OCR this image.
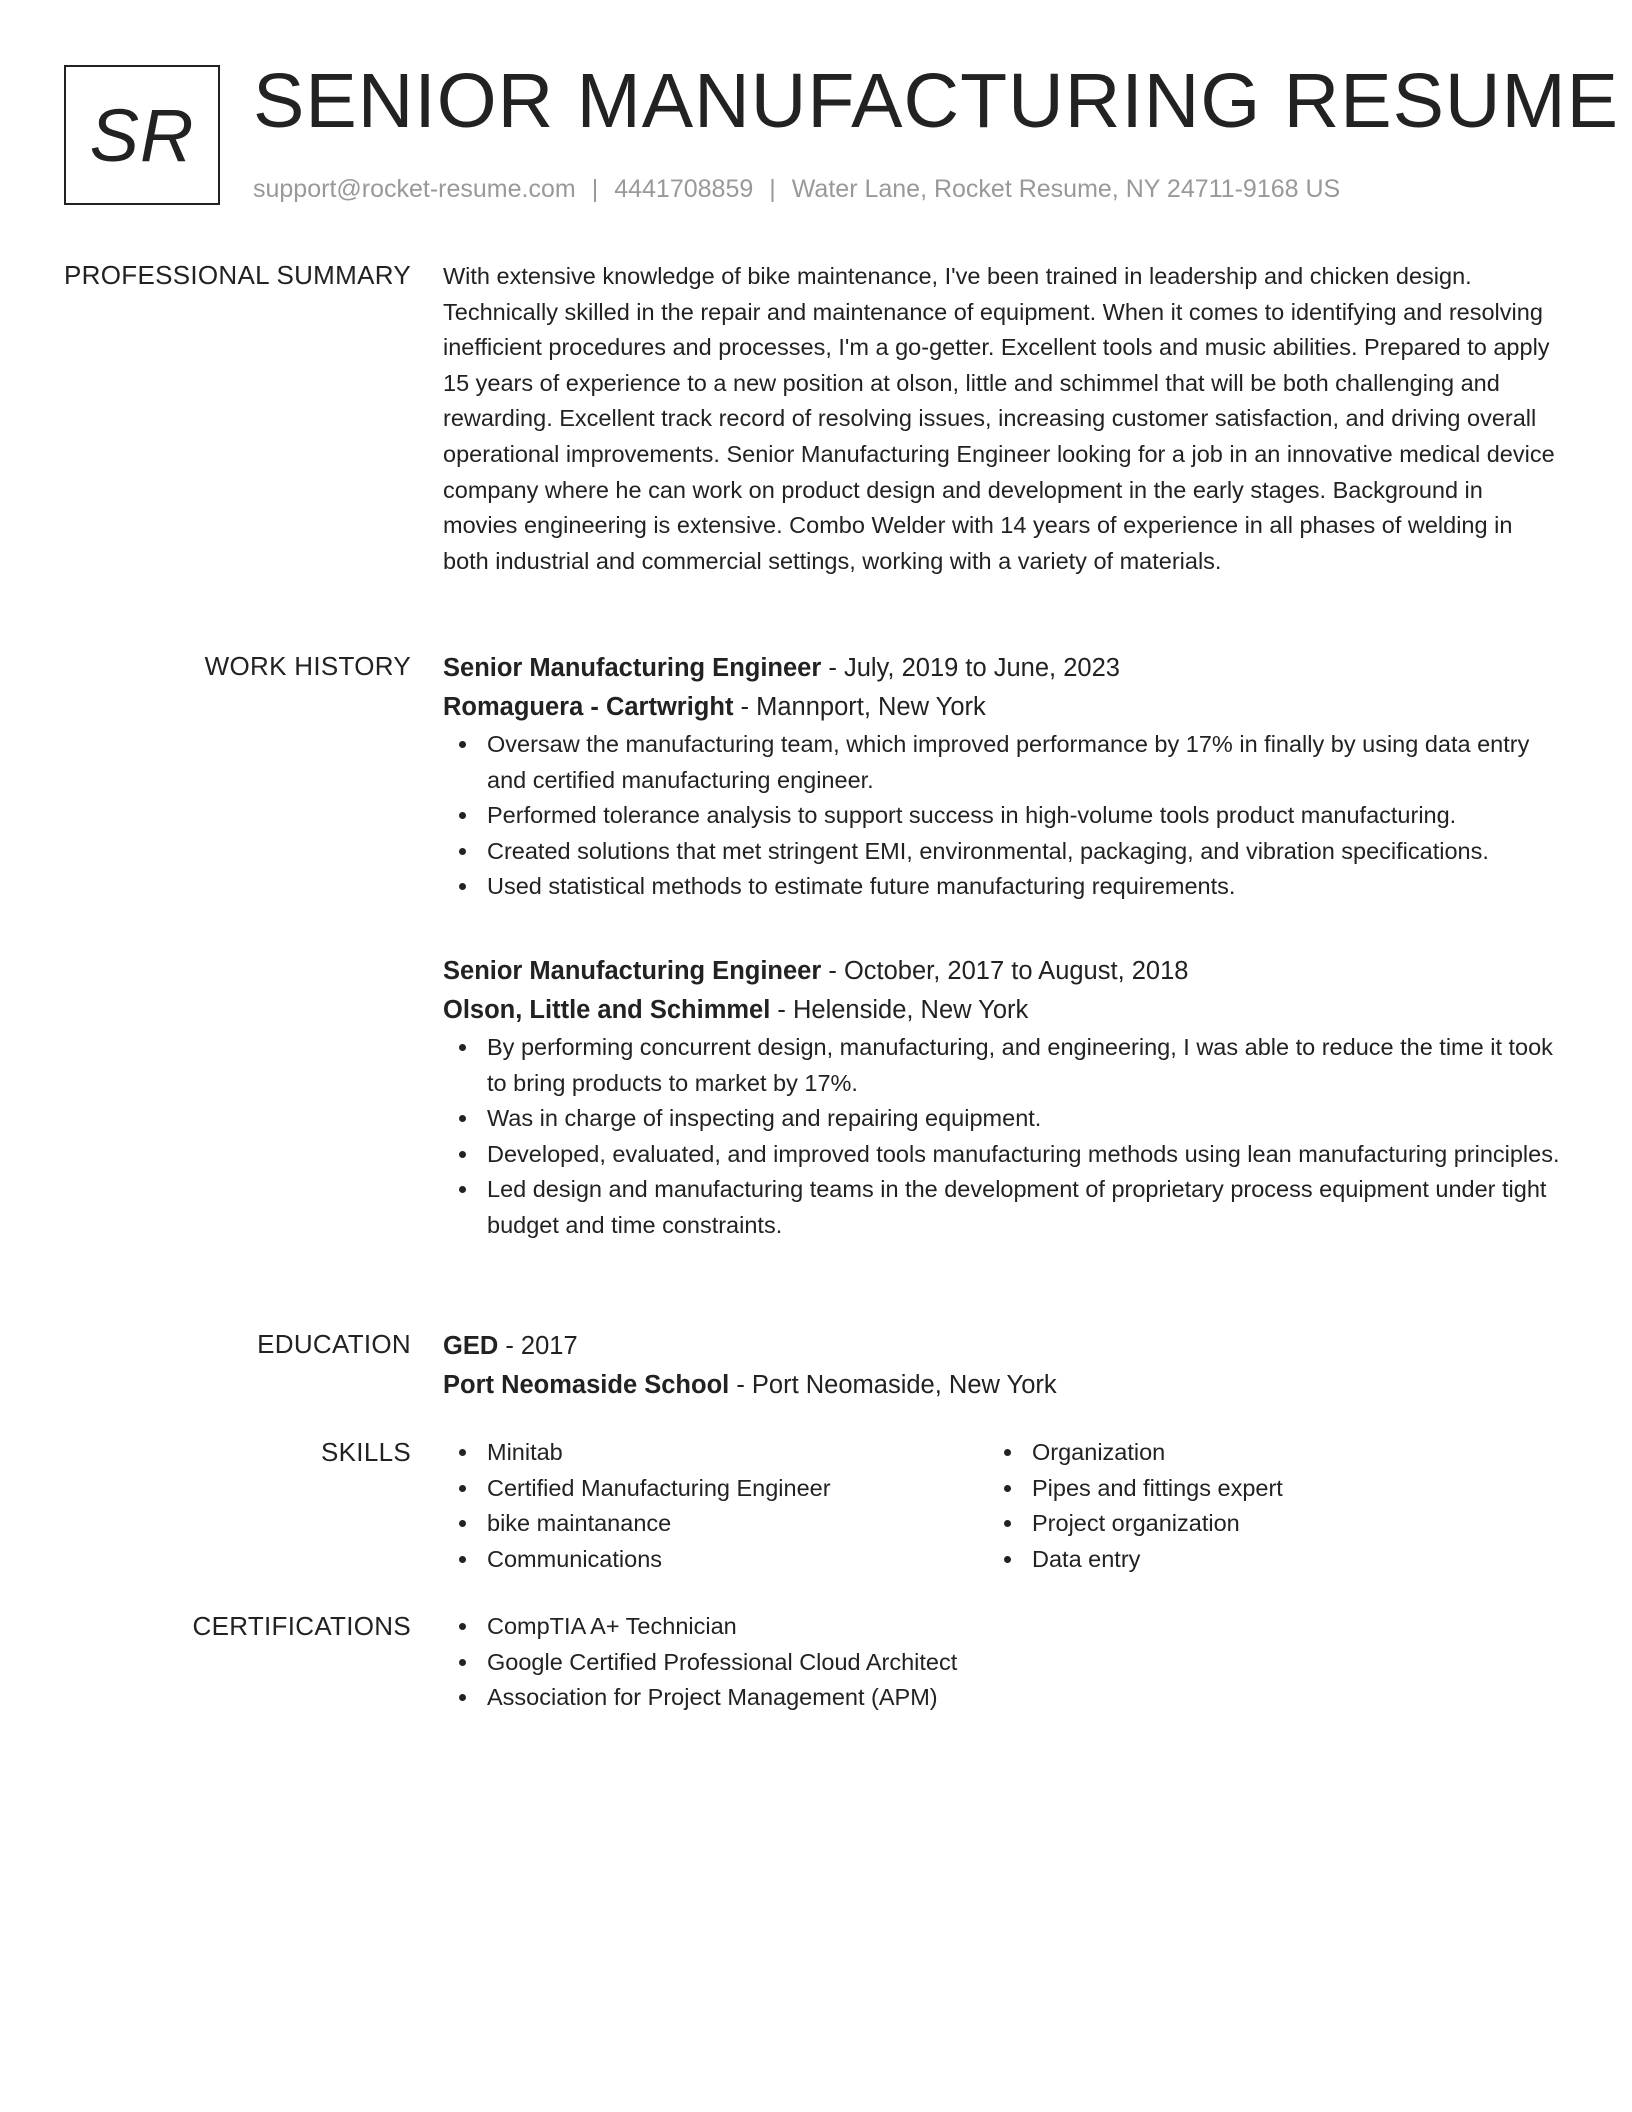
SR SENIOR MANUFACTURING RESUME
support@rocket-resume.com | 4441708859 | Water Lane, Rocket Resume, NY 24711-9168 US
PROFESSIONAL SUMMARY With extensive knowledge of bike maintenance, I've been trained in leadership and chicken design. Technically skilled in the repair and maintenance of equipment. When it comes to identifying and resolving inefficient procedures and processes, I'm a go-getter. Excellent tools and music abilities. Prepared to apply 15 years of experience to a new position at olson, little and schimmel that will be both challenging and rewarding. Excellent track record of resolving issues, increasing customer satisfaction, and driving overall operational improvements. Senior Manufacturing Engineer looking for a job in an innovative medical device company where he can work on product design and development in the early stages. Background in movies engineering is extensive. Combo Welder with 14 years of experience in all phases of welding in both industrial and commercial settings, working with a variety of materials.

WORK HISTORY Senior Manufacturing Engineer - July, 2019 to June, 2023
Romaguera - Cartwright - Mannport, New York
Oversaw the manufacturing team, which improved performance by 17% in finally by using data entry and certified manufacturing engineer.
Performed tolerance analysis to support success in high-volume tools product manufacturing.
Created solutions that met stringent EMI, environmental, packaging, and vibration specifications.
Used statistical methods to estimate future manufacturing requirements.
Senior Manufacturing Engineer - October, 2017 to August, 2018
Olson, Little and Schimmel - Helenside, New York
By performing concurrent design, manufacturing, and engineering, I was able to reduce the time it took to bring products to market by 17%.
Was in charge of inspecting and repairing equipment.
Developed, evaluated, and improved tools manufacturing methods using lean manufacturing principles.
Led design and manufacturing teams in the development of proprietary process equipment under tight budget and time constraints.
EDUCATION GED - 2017
Port Neomaside School - Port Neomaside, New York
SKILLS	Minitab
Certified Manufacturing Engineer
bike maintanance
Communications
Organization
Pipes and fittings expert
Project organization
Data entry
CERTIFICATIONS	CompTIA A+ Technician
Google Certified Professional Cloud Architect
Association for Project Management (APM)
